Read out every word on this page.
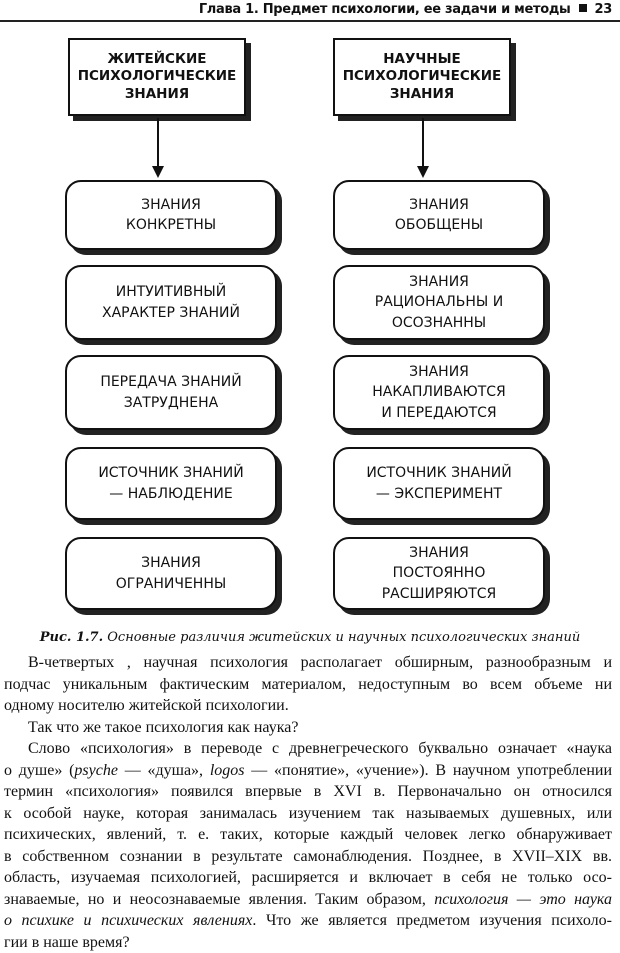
Глава 1. Предмет психологии, ее задачи и методы 23
ЖИТЕЙСКИЕ ПСИХОЛОГИЧЕСКИЕ ЗНАНИЯ
НАУЧНЫЕ ПСИХОЛОГИЧЕСКИЕ ЗНАНИЯ
ЗНАНИЯ КОНКРЕТНЫ
ИНТУИТИВНЫЙ ХАРАКТЕР ЗНАНИЙ
ПЕРЕДАЧА ЗНАНИЙ ЗАТРУДНЕНА
ИСТОЧНИК ЗНАНИЙ — НАБЛЮДЕНИЕ
ЗНАНИЯ ОГРАНИЧЕННЫ
ЗНАНИЯ ОБОБЩЕНЫ
ЗНАНИЯ РАЦИОНАЛЬНЫ И ОСОЗНАННЫ
ЗНАНИЯ НАКАПЛИВАЮТСЯ И ПЕРЕДАЮТСЯ
ИСТОЧНИК ЗНАНИЙ — ЭКСПЕРИМЕНТ
ЗНАНИЯ ПОСТОЯННО РАСШИРЯЮТСЯ
Рис. 1.7. Основные различия житейских и научных психологических знаний
В-четвертых , научная психология располагает обширным, разнообразным и
подчас уникальным фактическим материалом, недоступным во всем объеме ни
одному носителю житейской психологии.
Так что же такое психология как наука?
Слово «психология» в переводе с древнегреческого буквально означает «наука
о душе» (psyche — «душа», logos — «понятие», «учение»). В научном употреблении
термин «психология» появился впервые в XVI в. Первоначально он относился
к особой науке, которая занималась изучением так называемых душевных, или
психических, явлений, т. е. таких, которые каждый человек легко обнаруживает
в собственном сознании в результате самонаблюдения. Позднее, в XVII–XIX вв.
область, изучаемая психологией, расширяется и включает в себя не только осо-
знаваемые, но и неосознаваемые явления. Таким образом, психология — это наука
о психике и психических явлениях. Что же является предметом изучения психоло-
гии в наше время?
